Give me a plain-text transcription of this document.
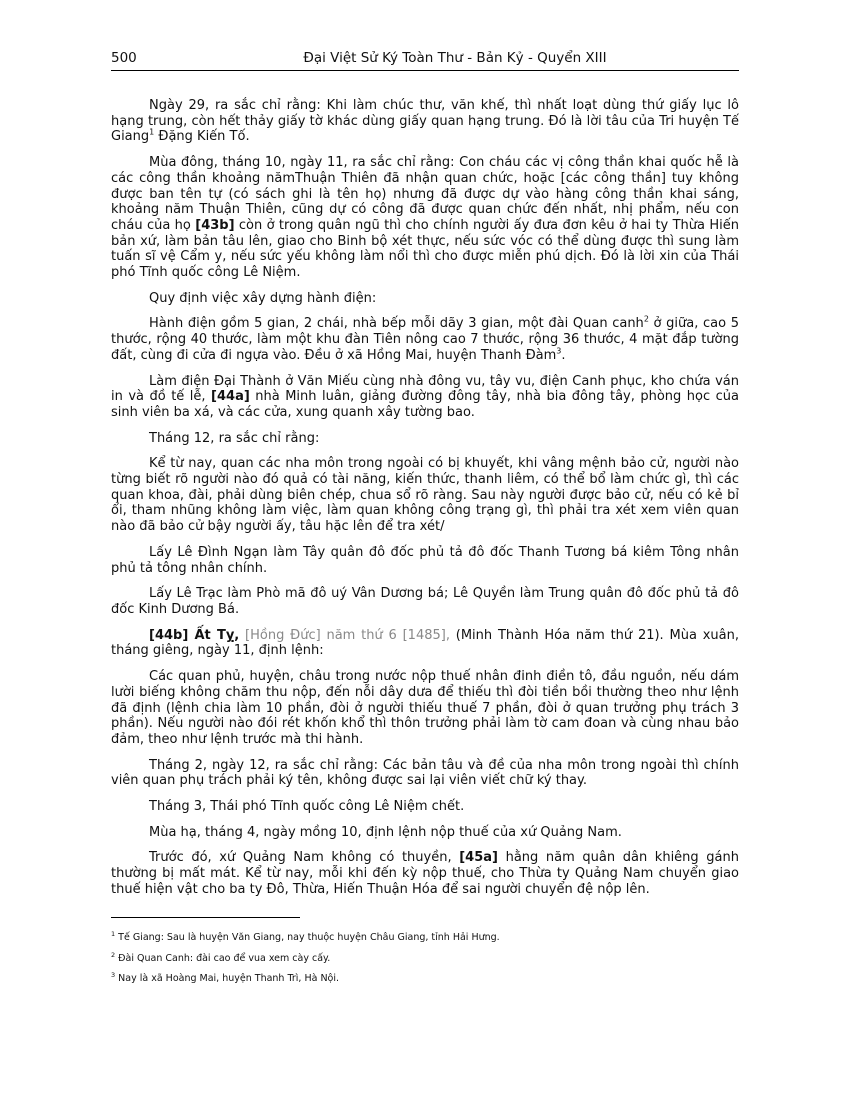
500	Đại Việt Sử Ký Toàn Thư - Bản Kỷ - Quyển XIII

Ngày 29, ra sắc chỉ rằng: Khi làm chúc thư, văn khế, thì nhất loạt dùng thứ giấy lục lô hạng trung, còn hết thảy giấy tờ khác dùng giấy quan hạng trung. Đó là lời tâu của Tri huyện Tế Giang$^1$ Đặng Kiến Tố.

Mùa đông, tháng 10, ngày 11, ra sắc chỉ rằng: Con cháu các vị công thần khai quốc hễ là các công thần khoảng nămThuận Thiên đã nhận quan chức, hoặc [các công thần] tuy không được ban tên tự (có sách ghi là tên họ) nhưng đã được dự vào hàng công thần khai sáng, khoảng năm Thuận Thiên, cũng dự có công đã được quan chức đến nhất, nhị phẩm, nếu con cháu của họ [43b] còn ở trong quân ngũ thì cho chính người ấy đưa đơn kêu ở hai ty Thừa Hiến bản xứ, làm bản tâu lên, giao cho Binh bộ xét thực, nếu sức vóc có thể dùng được thì sung làm tuấn sĩ vệ Cẩm y, nếu sức yếu không làm nổi thì cho được miễn phú dịch. Đó là lời xin của Thái phó Tĩnh quốc công Lê Niệm.

Quy định việc xây dựng hành điện:

Hành điện gồm 5 gian, 2 chái, nhà bếp mỗi dãy 3 gian, một đài Quan canh$^2$ ở giữa, cao 5 thước, rộng 40 thước, làm một khu đàn Tiên nông cao 7 thước, rộng 36 thước, 4 mặt đắp tường đất, cùng đi cửa đi ngựa vào. Đều ở xã Hồng Mai, huyện Thanh Đàm$^3$.

Làm điện Đại Thành ở Văn Miếu cùng nhà đông vu, tây vu, điện Canh phục, kho chứa ván in và đồ tế lễ, [44a] nhà Minh luân, giảng đường đông tây, nhà bia đông tây, phòng học của sinh viên ba xá, và các cửa, xung quanh xây tường bao.

Tháng 12, ra sắc chỉ rằng:

Kể từ nay, quan các nha môn trong ngoài có bị khuyết, khi vâng mệnh bảo cử, người nào từng biết rõ người nào đó quả có tài năng, kiến thức, thanh liêm, có thể bổ làm chức gì, thì các quan khoa, đài, phải dùng biên chép, chua sổ rõ ràng. Sau này người được bảo cử, nếu có kẻ bỉ ổi, tham nhũng không làm việc, làm quan không công trạng gì, thì phải tra xét xem viên quan nào đã bảo cử bậy người ấy, tâu hặc lên để tra xét/

Lấy Lê Đình Ngạn làm Tây quân đô đốc phủ tả đô đốc Thanh Tương bá kiêm Tông nhân phủ tả tông nhân chính.

Lấy Lê Trạc làm Phò mã đô uý Vân Dương bá; Lê Quyền làm Trung quân đô đốc phủ tả đô đốc Kinh Dương Bá.

[44b] Ất Tỵ, [Hồng Đức] năm thứ 6 [1485], (Minh Thành Hóa năm thứ 21). Mùa xuân, tháng giêng, ngày 11, định lệnh:

Các quan phủ, huyện, châu trong nước nộp thuế nhân đinh điền tô, đầu nguồn, nếu dám lười biếng không chăm thu nộp, đến nỗi dây dưa để thiếu thì đòi tiền bồi thường theo như lệnh đã định (lệnh chia làm 10 phần, đòi ở người thiếu thuế 7 phần, đòi ở quan trưởng phụ trách 3 phần). Nếu người nào đói rét khốn khổ thì thôn trưởng phải làm tờ cam đoan và cùng nhau bảo đảm, theo như lệnh trước mà thi hành.

Tháng 2, ngày 12, ra sắc chỉ rằng: Các bản tâu và đề của nha môn trong ngoài thì chính viên quan phụ trách phải ký tên, không được sai lại viên viết chữ ký thay.

Tháng 3, Thái phó Tĩnh quốc công Lê Niệm chết.

Mùa hạ, tháng 4, ngày mồng 10, định lệnh nộp thuế của xứ Quảng Nam.

Trước đó, xứ Quảng Nam không có thuyền, [45a] hằng năm quân dân khiêng gánh thường bị mất mát. Kể từ nay, mỗi khi đến kỳ nộp thuế, cho Thừa ty Quảng Nam chuyển giao thuế hiện vật cho ba ty Đô, Thừa, Hiến Thuận Hóa để sai người chuyển đệ nộp lên.

$^1$ Tế Giang: Sau là huyện Văn Giang, nay thuộc huyện Châu Giang, tỉnh Hải Hưng.
$^2$ Đài Quan Canh: đài cao để vua xem cày cấy.
$^3$ Nay là xã Hoàng Mai, huyện Thanh Trì, Hà Nội.
